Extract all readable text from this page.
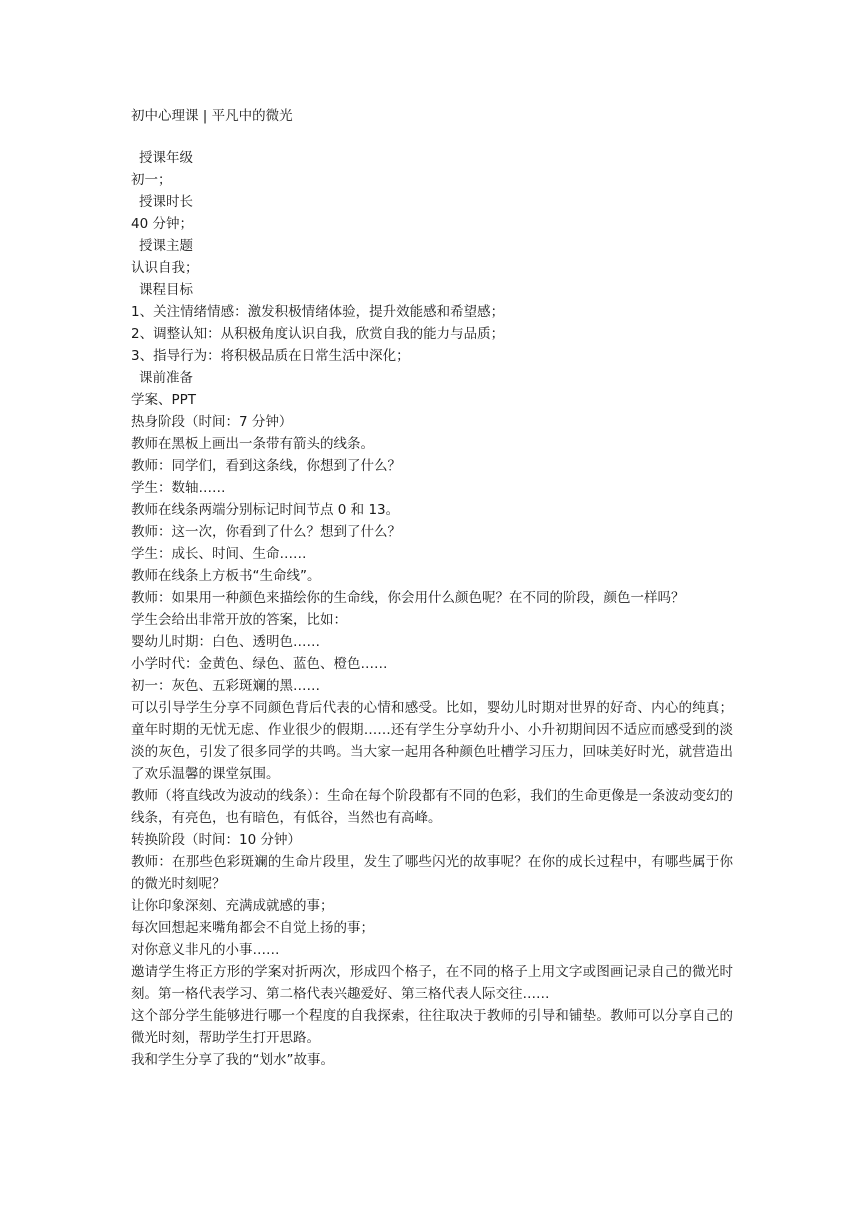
初中心理课 | 平凡中的微光

授课年级

初一；

授课时长

40 分钟；

授课主题

认识自我；

课程目标

1、关注情绪情感：激发积极情绪体验，提升效能感和希望感；

2、调整认知：从积极角度认识自我，欣赏自我的能力与品质；

3、指导行为：将积极品质在日常生活中深化；

课前准备

学案、PPT

热身阶段（时间：7 分钟）

教师在黑板上画出一条带有箭头的线条。

教师：同学们，看到这条线，你想到了什么？

学生：数轴……

教师在线条两端分别标记时间节点 0 和 13。

教师：这一次，你看到了什么？想到了什么？

学生：成长、时间、生命……

教师在线条上方板书“生命线”。

教师：如果用一种颜色来描绘你的生命线，你会用什么颜色呢？在不同的阶段，颜色一样吗？

学生会给出非常开放的答案，比如：

婴幼儿时期：白色、透明色……

小学时代：金黄色、绿色、蓝色、橙色……

初一：灰色、五彩斑斓的黑……

可以引导学生分享不同颜色背后代表的心情和感受。比如，婴幼儿时期对世界的好奇、内心的纯真；童年时期的无忧无虑、作业很少的假期……还有学生分享幼升小、小升初期间因不适应而感受到的淡淡的灰色，引发了很多同学的共鸣。当大家一起用各种颜色吐槽学习压力，回味美好时光，就营造出了欢乐温馨的课堂氛围。

教师（将直线改为波动的线条）：生命在每个阶段都有不同的色彩，我们的生命更像是一条波动变幻的线条，有亮色，也有暗色，有低谷，当然也有高峰。

转换阶段（时间：10 分钟）

教师：在那些色彩斑斓的生命片段里，发生了哪些闪光的故事呢？在你的成长过程中，有哪些属于你的微光时刻呢？

让你印象深刻、充满成就感的事；

每次回想起来嘴角都会不自觉上扬的事；

对你意义非凡的小事……

邀请学生将正方形的学案对折两次，形成四个格子，在不同的格子上用文字或图画记录自己的微光时刻。第一格代表学习、第二格代表兴趣爱好、第三格代表人际交往……

这个部分学生能够进行哪一个程度的自我探索，往往取决于教师的引导和铺垫。教师可以分享自己的微光时刻，帮助学生打开思路。

我和学生分享了我的“划水”故事。
